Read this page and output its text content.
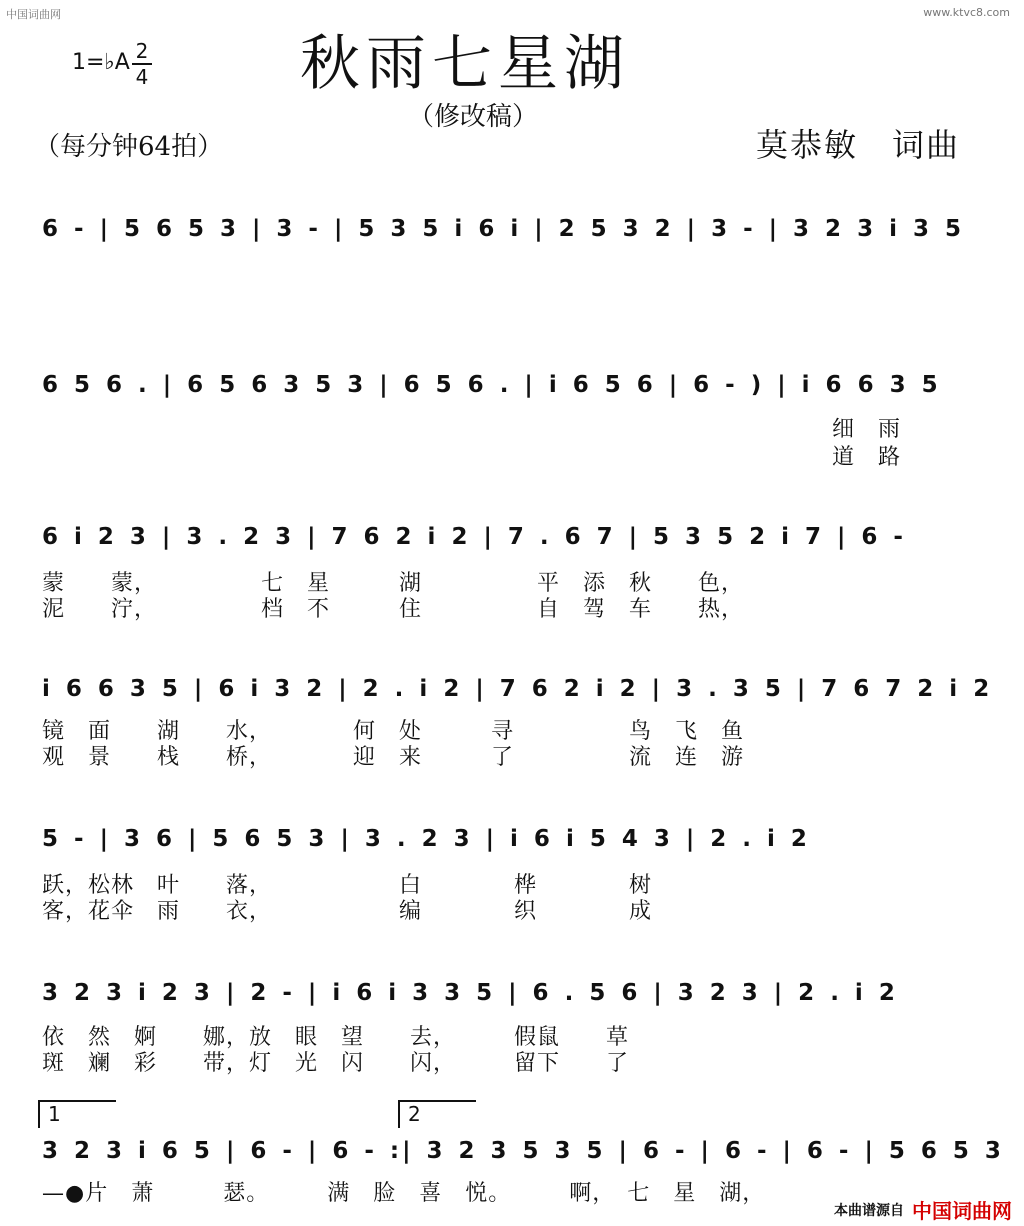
中国词曲网	www.ktvc8.com
1=♭A 2
4	秋雨七星湖
（修改稿）
（每分钟64拍）	莫恭敏　词曲
6 - | 5 6 5 3 | 3 - | 5 3 5 i 6 i | 2 5 3 2 | 3 - | 3 2 3 i 3 5
6 5 6 . | 6 5 6 3 5 3 | 6 5 6 . | i 6 5 6 | 6 - ) | i 6 6 3 5
细　雨
道　路
6 i 2 3 | 3 . 2 3 | 7 6 2 i 2 | 7 . 6 7 | 5 3 5 2 i 7 | 6 -
蒙　　蒙，　　　　　七　星　　　湖　　　　　平　添　秋　　色，
泥　　泞，　　　　　档　不　　　住　　　　　自　驾　车　　热，
i 6 6 3 5 | 6 i 3 2 | 2 . i 2 | 7 6 2 i 2 | 3 . 3 5 | 7 6 7 2 i 2
镜　面　　湖　　水，　　　　何　处　　　寻　　　　　鸟　飞　鱼
观　景　　栈　　桥，　　　　迎　来　　　了　　　　　流　连　游
5 - | 3 6 | 5 6 5 3 | 3 . 2 3 | i 6 i 5 4 3 | 2 . i 2
跃，松林　叶　　落，　　　　　　白　　　　桦　　　　树
客，花伞　雨　　衣，　　　　　　编　　　　织　　　　成
3 2 3 i 2 3 | 2 - | i 6 i 3 3 5 | 6 . 5 6 | 3 2 3 | 2 . i 2
依　然　婀　　娜，放　眼　望　　去，　　　假鼠　　草
斑　斓　彩　　带，灯　光　闪　　闪，　　　留下　　了
1	2
3 2 3 i 6 5 | 6 - | 6 - :| 3 2 3 5 3 5 | 6 - | 6 - | 6 - | 5 6 5 3
—●片　萧　　　瑟。　　　满　脸　喜　悦。　　　啊，　七　星　湖，
本曲谱源自 中国词曲网
